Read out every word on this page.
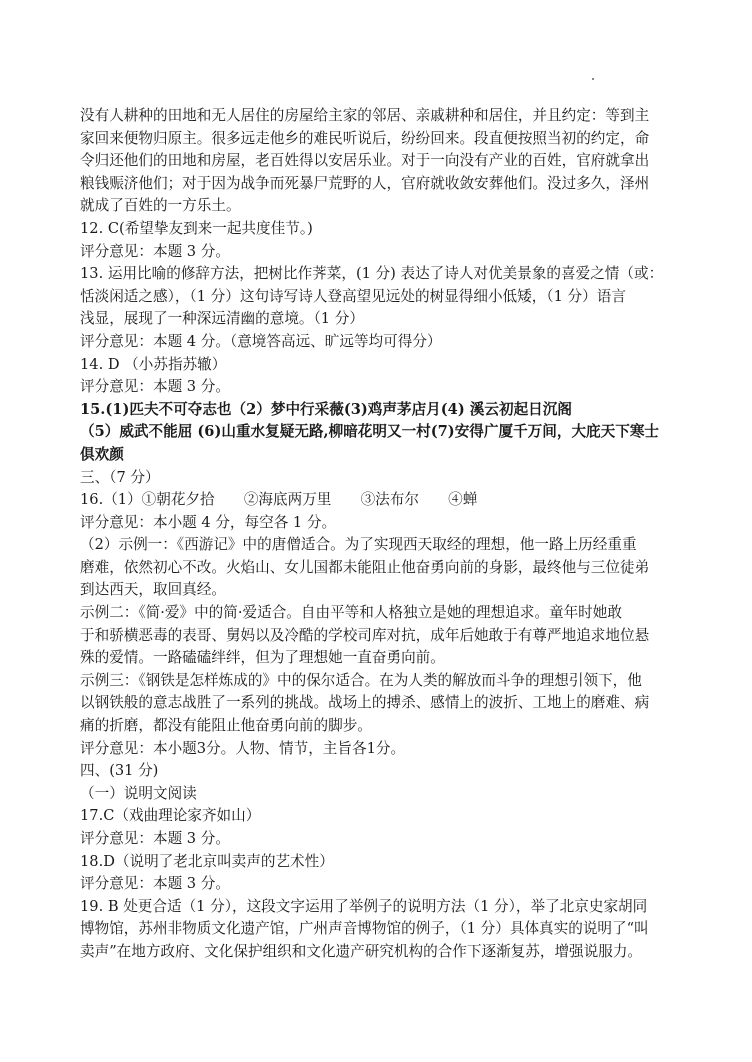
没有人耕种的田地和无人居住的房屋给主家的邻居、亲戚耕种和居住，并且约定：等到主
家回来便物归原主。很多远走他乡的难民听说后，纷纷回来。段直便按照当初的约定，命
令归还他们的田地和房屋，老百姓得以安居乐业。对于一向没有产业的百姓，官府就拿出
粮钱赈济他们；对于因为战争而死暴尸荒野的人，官府就收敛安葬他们。没过多久，泽州
就成了百姓的一方乐土。
12. C(希望挚友到来一起共度佳节。)
评分意见：本题 3 分。
13. 运用比喻的修辞方法，把树比作荠菜，(1 分) 表达了诗人对优美景象的喜爱之情（或：
恬淡闲适之感），（1 分）这句诗写诗人登高望见远处的树显得细小低矮，（1 分）语言
浅显，展现了一种深远清幽的意境。（1 分）
评分意见：本题 4 分。（意境答高远、旷远等均可得分）
14. D （小苏指苏辙）
评分意见：本题 3 分。
15.(1)匹夫不可夺志也（2）梦中行采薇(3)鸡声茅店月(4) 溪云初起日沉阁
（5）威武不能屈 (6)山重水复疑无路,柳暗花明又一村(7)安得广厦千万间，大庇天下寒士
俱欢颜
三、（7 分）
16.（1）①朝花夕拾　　②海底两万里　　③法布尔　　④蝉
评分意见：本小题 4 分，每空各 1 分。
（2）示例一：《西游记》中的唐僧适合。为了实现西天取经的理想，他一路上历经重重
磨难，依然初心不改。火焰山、女儿国都未能阻止他奋勇向前的身影，最终他与三位徒弟
到达西天，取回真经。
示例二：《简·爱》中的简·爱适合。自由平等和人格独立是她的理想追求。童年时她敢
于和骄横恶毒的表哥、舅妈以及冷酷的学校司库对抗，成年后她敢于有尊严地追求地位悬
殊的爱情。一路磕磕绊绊，但为了理想她一直奋勇向前。
示例三：《钢铁是怎样炼成的》中的保尔适合。在为人类的解放而斗争的理想引领下，他
以钢铁般的意志战胜了一系列的挑战。战场上的搏杀、感情上的波折、工地上的磨难、病
痛的折磨，都没有能阻止他奋勇向前的脚步。
评分意见：本小题3分。人物、情节，主旨各1分。
四、(31 分)
（一）说明文阅读
17.C（戏曲理论家齐如山）
评分意见：本题 3 分。
18.D（说明了老北京叫卖声的艺术性）
评分意见：本题 3 分。
19. B 处更合适（1 分），这段文字运用了举例子的说明方法（1 分），举了北京史家胡同
博物馆，苏州非物质文化遗产馆，广州声音博物馆的例子，（1 分）具体真实的说明了“叫
卖声”在地方政府、文化保护组织和文化遗产研究机构的合作下逐渐复苏，增强说服力。
